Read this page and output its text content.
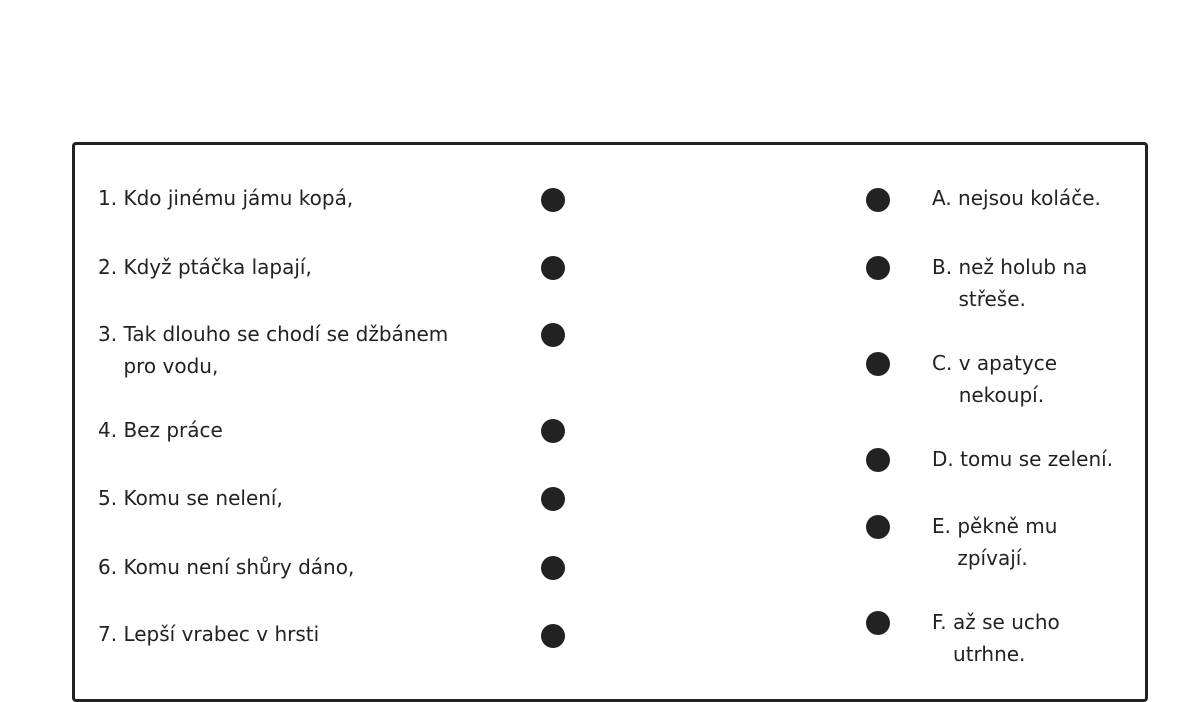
1. Kdo jinému jámu kopá,
2. Když ptáčka lapají,
3. Tak dlouho se chodí se džbánem pro vodu,
4. Bez práce
5. Komu se nelení,
6. Komu není shůry dáno,
7. Lepší vrabec v hrsti
A. nejsou koláče.
B. než holub na střeše.
C. v apatyce nekoupí.
D. tomu se zelení.
E. pěkně mu zpívají.
F. až se ucho utrhne.
